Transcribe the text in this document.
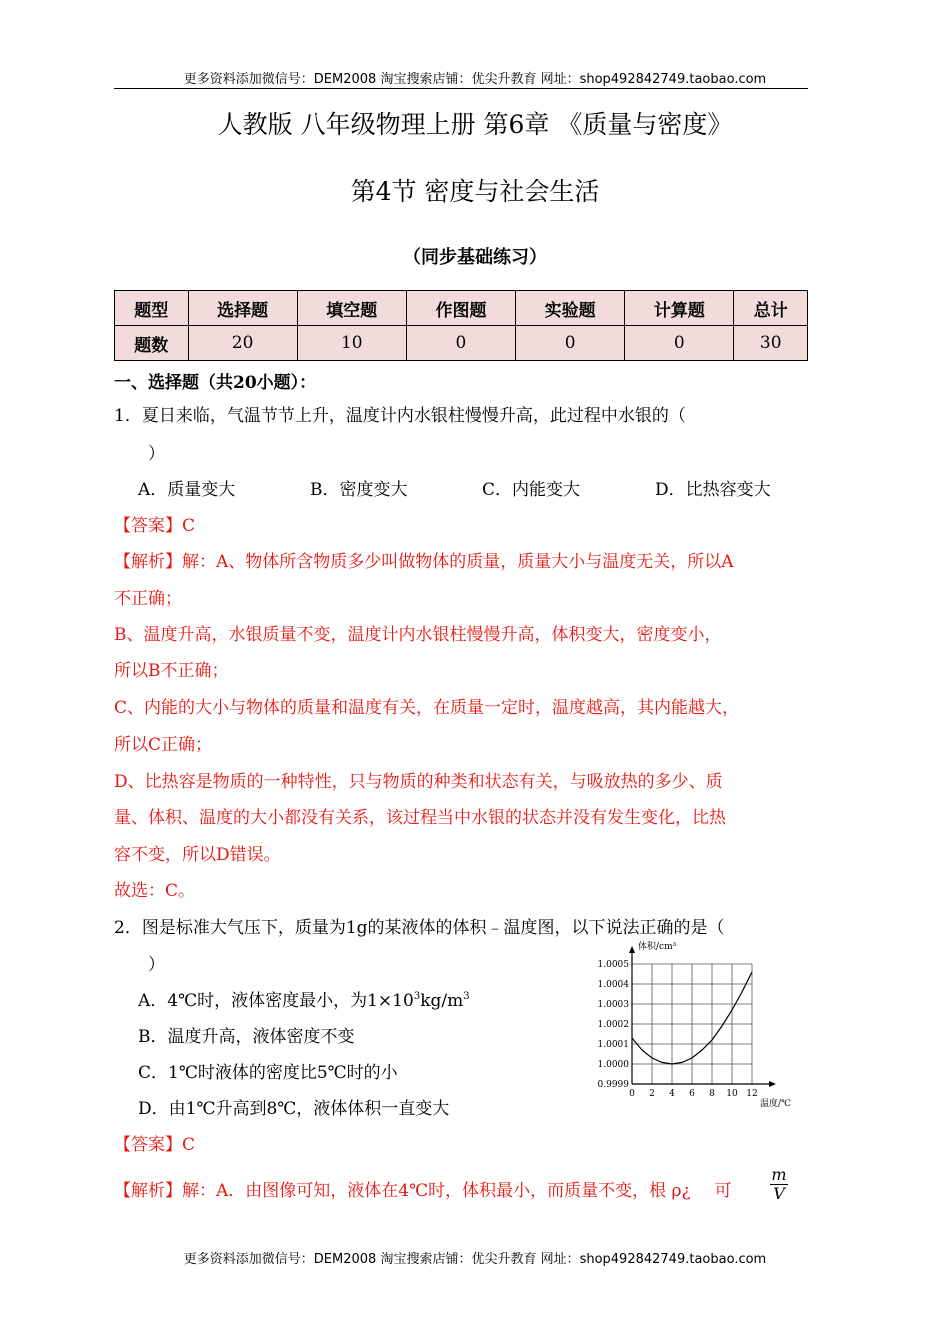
更多资料添加微信号：DEM2008 淘宝搜索店铺：优尖升教育 网址：shop492842749.taobao.com
人教版 八年级物理上册 第6章 《质量与密度》
第4节 密度与社会生活
（同步基础练习）
题型	选择题	填空题	作图题	实验题	计算题	总计
题数	20	10	0	0	0	30
一、选择题（共20小题）：
1．夏日来临，气温节节上升，温度计内水银柱慢慢升高，此过程中水银的（
）
A．质量变大	B．密度变大	C．内能变大	D．比热容变大
【答案】C
【解析】解：A、物体所含物质多少叫做物体的质量，质量大小与温度无关，所以A
不正确；
B、温度升高，水银质量不变，温度计内水银柱慢慢升高，体积变大，密度变小，
所以B不正确；
C、内能的大小与物体的质量和温度有关，在质量一定时，温度越高，其内能越大，
所以C正确；
D、比热容是物质的一种特性，只与物质的种类和状态有关，与吸放热的多少、质
量、体积、温度的大小都没有关系，该过程当中水银的状态并没有发生变化，比热
容不变，所以D错误。
故选：C。
2．图是标准大气压下，质量为1g的某液体的体积﹣温度图，以下说法正确的是（
）
A．4℃时，液体密度最小，为$1\times 10^3kg/m^3$
B．温度升高，液体密度不变
C．1℃时液体的密度比5℃时的小
D．由1℃升高到8℃，液体体积一直变大
【答案】C
【解析】解：A．由图像可知，液体在4℃时，体积最小，而质量不变，根 ρ¿ 可 $\frac{m}{V}$
0 2 4 6 8 10 12
0.9999
1.0000
1.0001
1.0002
1.0003
1.0004
1.0005
体积/cm³
温度/℃
更多资料添加微信号：DEM2008 淘宝搜索店铺：优尖升教育 网址：shop492842749.taobao.com
